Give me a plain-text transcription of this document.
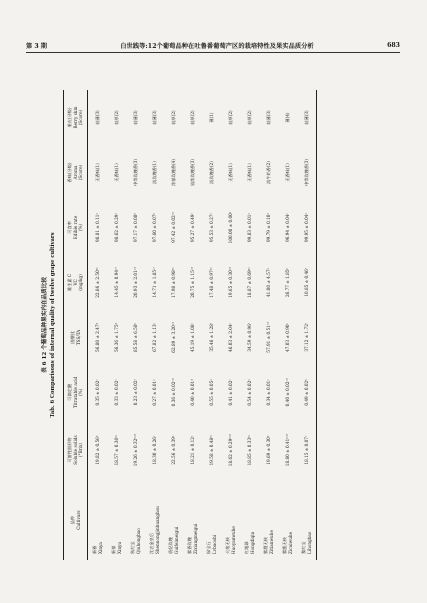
第 3 期	白世践等:12个葡萄品种在吐鲁番葡萄产区的栽培特性及果实品质分析	683
表 6 12 个葡萄品种果实内在品质比较 Tab. 6 Comparisons of internal quality of twelve grape cultivars
品种 Cultivars	可溶性固形物 Soluble solids (°Brix)	可滴定酸 Titratable acid (%)	固酸比 TSS/TA	维生素 C VC (mg/kg)	可食率 Edible rate (%)	香味(分级) Aroma (Score)	果皮(分级) Berry skin (Score)

新雅 Xinya	19.82 ± 0.56ᵇ	0.35 ± 0.02ᶜ	56.80 ± 2.47ᵈ	22.86 ± 2.50ᵇᶜ	98.81 ± 0.11ᵃ	无香味(1)	较薄(3)

新郁 Xinyu	18.57 ± 0.36ᵇᶜ	0.33 ± 0.02ᶜ	56.36 ± 1.75ᵈ	14.45 ± 0.94ᵉᶠ	98.62 ± 0.29ᵃ	无香味(1)	较厚(2)

秋红宝 Qiuhongbao	19.26 ± 0.32ᵇᶜᵈ	0.23 ± 0.02ᶠ	85.58 ± 6.58ᵇ	20.93 ± 2.01ᶜᵈ	97.17 ± 0.08ᵇ	中等玫瑰香(3)	较薄(3)

沈农金皇后 Shennongjinhuanghou	18.30 ± 0.26ᶜ	0.27 ± 0.01ᵉ	67.82 ± 1.13ᶜ	14.71 ± 1.85ᵉᶠ	97.60 ± 0.07ᵇ	淡玫瑰香(1)	较薄(3)

贵妃玫瑰 Guifeimeigui	22.56 ± 0.39ᵃ	0.36 ± 0.02ᶜᵈ	62.89 ± 3.20ᶜᵈ	17.98 ± 0.98ᵈᵉ	97.42 ± 0.02ᶜᵈ	浓郁玫瑰香(4)	较厚(2)

紫香玫瑰 Zixiangmeigui	18.21 ± 0.12ᶜ	0.40 ± 0.01ᵈ	45.19 ± 1.08ᵉ	20.75 ± 1.15ᶜᵈ	95.27 ± 0.49ᵉ	较浓玫瑰香(3)	较厚(2)

绿宝石 Lvbaoshi	19.58 ± 0.48ᵇᶜ	0.55 ± 0.05ᵃ	35.46 ± 1.28ᶠ	17.48 ± 0.97ᵈᵉ	95.53 ± 0.27ᵉ	淡玫瑰香(2)	薄(1)

火焰无核 Huoyanwuhe	18.62 ± 0.29ᵇᶜᵈ	0.41 ± 0.02ᶜ	46.03 ± 2.04ᵉ	19.65 ± 0.30ᶜᵈ	100.00 ± 0.00ᵃ	无香味(1)	较厚(2)

红地球 Hongdiqiu	18.85 ± 0.33ᵇᶜ	0.54 ± 0.02ᵃ	34.59 ± 0.96ᶠ	18.87 ± 0.69ᵈᵉ	99.83 ± 0.01ᵃ	无香味(1)	较厚(2)

紫甜无核 Zitianwuhe	19.69 ± 0.30ᵇ	0.34 ± 0.01ᶜ	57.91 ± 0.51ᶜᵈ	41.00 ± 4.57ᵃ	99.79 ± 0.10ᵃ	淡牛奶香(2)	较薄(3)

紫脆无核 Zicuiwuhe	18.80 ± 0.41ᵇᶜᵈ	0.40 ± 0.02ᶜᵈ	47.03 ± 0.90ᵉ	26.77 ± 1.85ᵇ	96.94 ± 0.04ᶜ	无香味(1)	薄(4)

黎红宝 Lihongbao	18.15 ± 0.07ᶜ	0.49 ± 0.02ᵇ	37.12 ± 1.72ᶠ	10.85 ± 0.46ᶠ	99.95 ± 0.04ᵃ	中等玫瑰香(3)	较薄(3)
